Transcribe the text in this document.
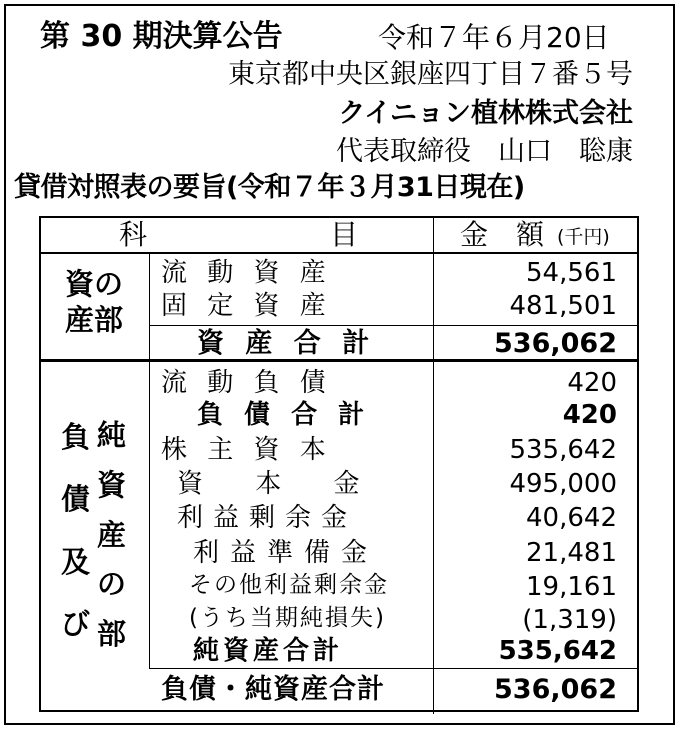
第 30 期決算公告	令和７年６月20日
東京都中央区銀座四丁目７番５号
クイニョン植林株式会社
代表取締役　山口　聡康
貸借対照表の要旨(令和７年３月31日現在)
科	目	金　額 (千円)
資の
産部
流 動 資 産	54,561
固 定 資 産	481,501
資 産 合 計	536,062
負
債
及
び
純
資
産
の
部
流 動 負 債	420
負 債 合 計	420
株 主 資 本	535,642
資　 本　 金	495,000
利益剰余金	40,642
利益準備金	21,481
その他利益剰余金	19,161
(うち当期純損失)	(1,319)
純資産合計	535,642
負債・純資産合計	536,062
